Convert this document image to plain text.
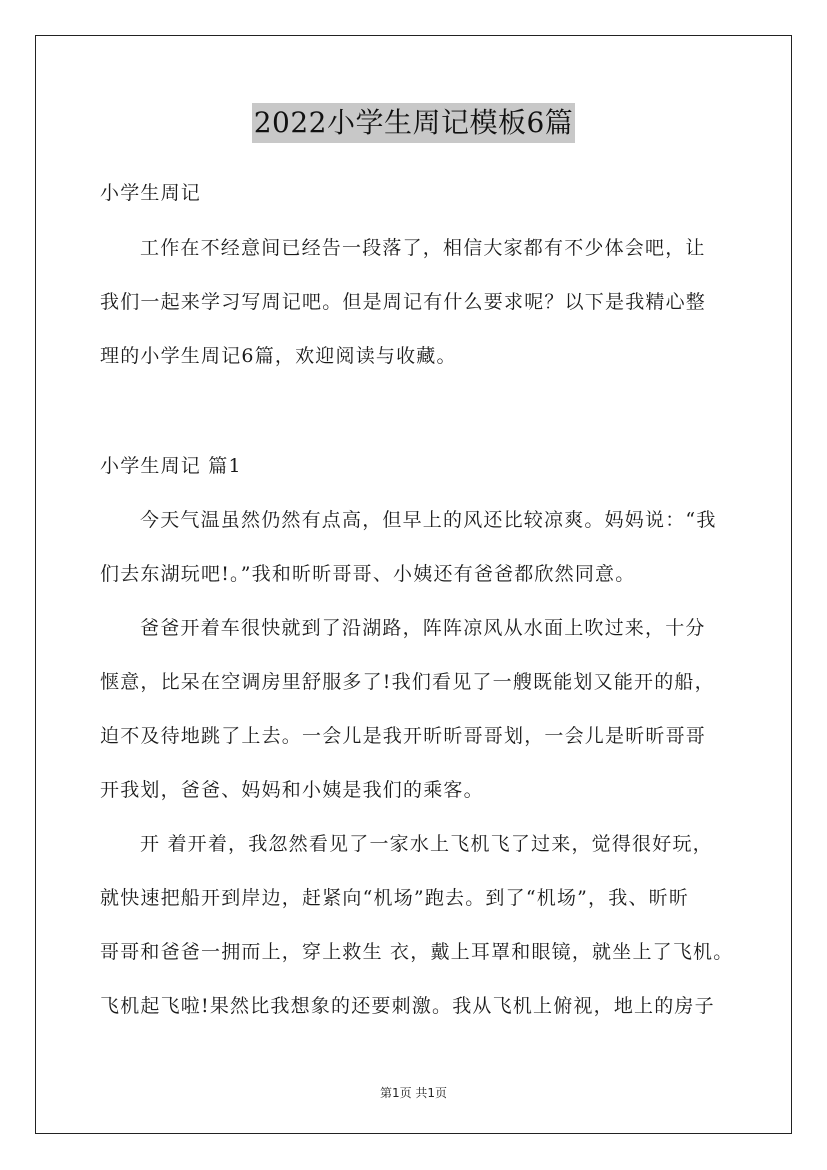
2022小学生周记模板6篇
小学生周记
工作在不经意间已经告一段落了，相信大家都有不少体会吧，让
我们一起来学习写周记吧。但是周记有什么要求呢？以下是我精心整
理的小学生周记6篇，欢迎阅读与收藏。
小学生周记 篇1
今天气温虽然仍然有点高，但早上的风还比较凉爽。妈妈说：“我
们去东湖玩吧!。”我和昕昕哥哥、小姨还有爸爸都欣然同意。
爸爸开着车很快就到了沿湖路，阵阵凉风从水面上吹过来，十分
惬意，比呆在空调房里舒服多了!我们看见了一艘既能划又能开的船，
迫不及待地跳了上去。一会儿是我开昕昕哥哥划，一会儿是昕昕哥哥
开我划，爸爸、妈妈和小姨是我们的乘客。
开 着开着，我忽然看见了一家水上飞机飞了过来，觉得很好玩，
就快速把船开到岸边，赶紧向“机场”跑去。到了“机场”，我、昕昕
哥哥和爸爸一拥而上，穿上救生 衣，戴上耳罩和眼镜，就坐上了飞机。
飞机起飞啦!果然比我想象的还要刺激。我从飞机上俯视，地上的房子
第1页 共1页
